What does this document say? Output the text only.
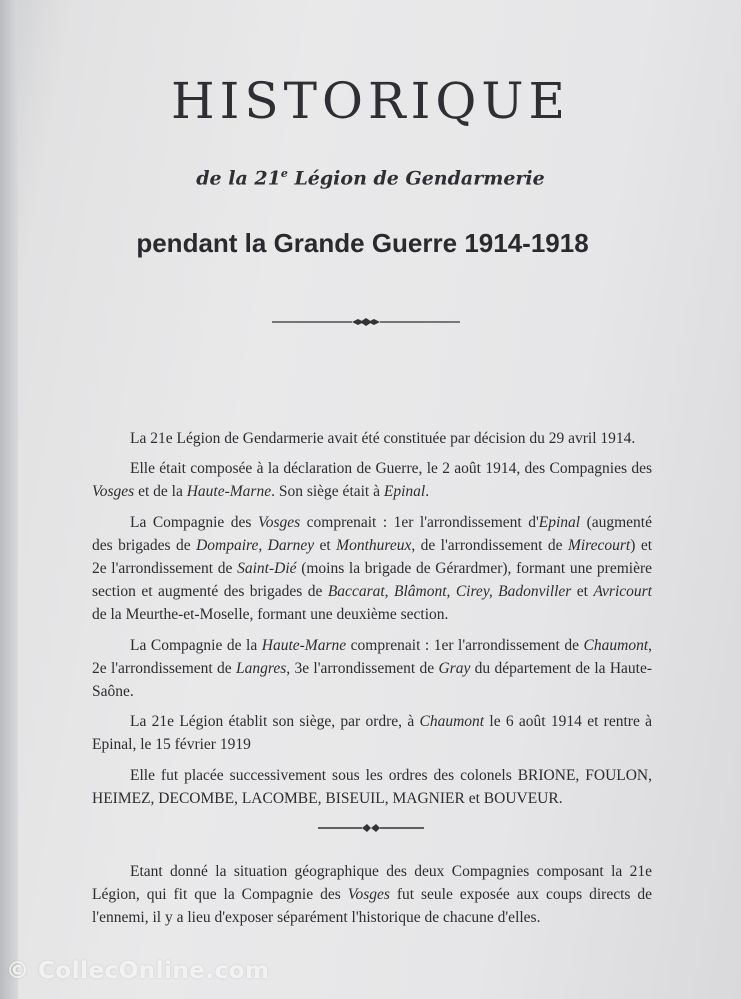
HISTORIQUE
de la 21e Légion de Gendarmerie
pendant la Grande Guerre 1914-1918

La 21e Légion de Gendarmerie avait été constituée par décision du 29 avril 1914.

Elle était composée à la déclaration de Guerre, le 2 août 1914, des Compagnies des Vosges et de la Haute-Marne. Son siège était à Epinal.

La Compagnie des Vosges comprenait : 1er l'arrondissement d'Epinal (augmenté des brigades de Dompaire, Darney et Monthureux, de l'arrondissement de Mirecourt) et 2e l'arrondissement de Saint-Dié (moins la brigade de Gérardmer), formant une première section et augmenté des brigades de Baccarat, Blâmont, Cirey, Badonviller et Avricourt de la Meurthe-et-Moselle, formant une deuxième section.

La Compagnie de la Haute-Marne comprenait : 1er l'arrondissement de Chaumont, 2e l'arrondissement de Langres, 3e l'arrondissement de Gray du département de la Haute-Saône.

La 21e Légion établit son siège, par ordre, à Chaumont le 6 août 1914 et rentre à Epinal, le 15 février 1919

Elle fut placée successivement sous les ordres des colonels BRIONE, FOULON, HEIMEZ, DECOMBE, LACOMBE, BISEUIL, MAGNIER et BOUVEUR.

Etant donné la situation géographique des deux Compagnies composant la 21e Légion, qui fit que la Compagnie des Vosges fut seule exposée aux coups directs de l'ennemi, il y a lieu d'exposer séparément l'historique de chacune d'elles.

© CollecOnline.com
